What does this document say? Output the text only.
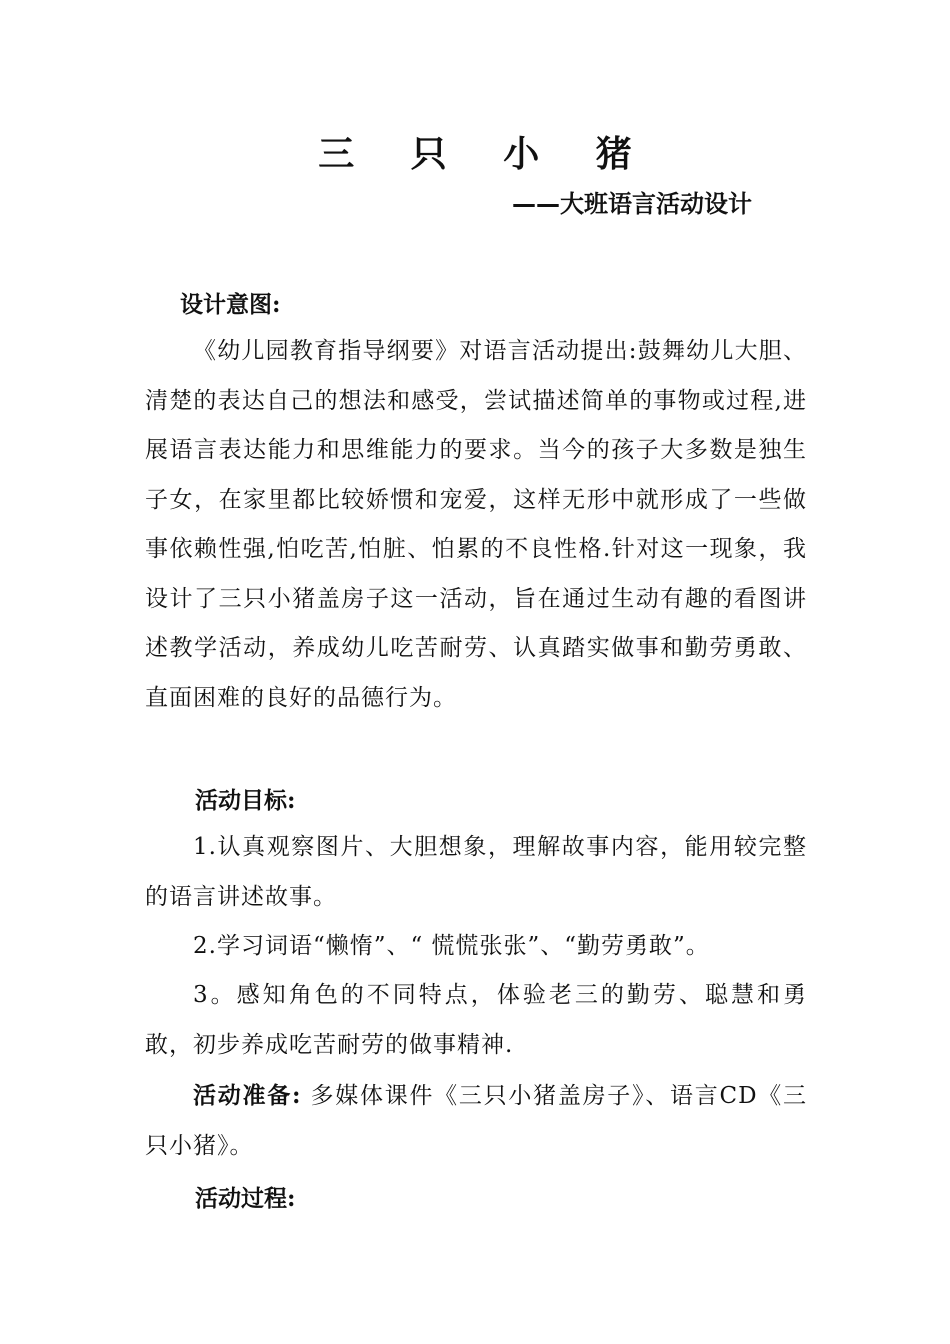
三 只 小 猪
——大班语言活动设计
设计意图:
《幼儿园教育指导纲要》对语言活动提出:鼓舞幼儿大胆、清楚的表达自己的想法和感受，尝试描述简单的事物或过程,进展语言表达能力和思维能力的要求。当今的孩子大多数是独生子女，在家里都比较娇惯和宠爱，这样无形中就形成了一些做事依赖性强,怕吃苦,怕脏、怕累的不良性格.针对这一现象，我设计了三只小猪盖房子这一活动，旨在通过生动有趣的看图讲述教学活动，养成幼儿吃苦耐劳、认真踏实做事和勤劳勇敢、直面困难的良好的品德行为。
活动目标:
1.认真观察图片、大胆想象，理解故事内容，能用较完整的语言讲述故事。
2.学习词语“懒惰”、“ 慌慌张张”、“勤劳勇敢”。
3。感知角色的不同特点，体验老三的勤劳、聪慧和勇敢，初步养成吃苦耐劳的做事精神.
活动准备: 多媒体课件《三只小猪盖房子》、语言CD《三只小猪》。
活动过程:
